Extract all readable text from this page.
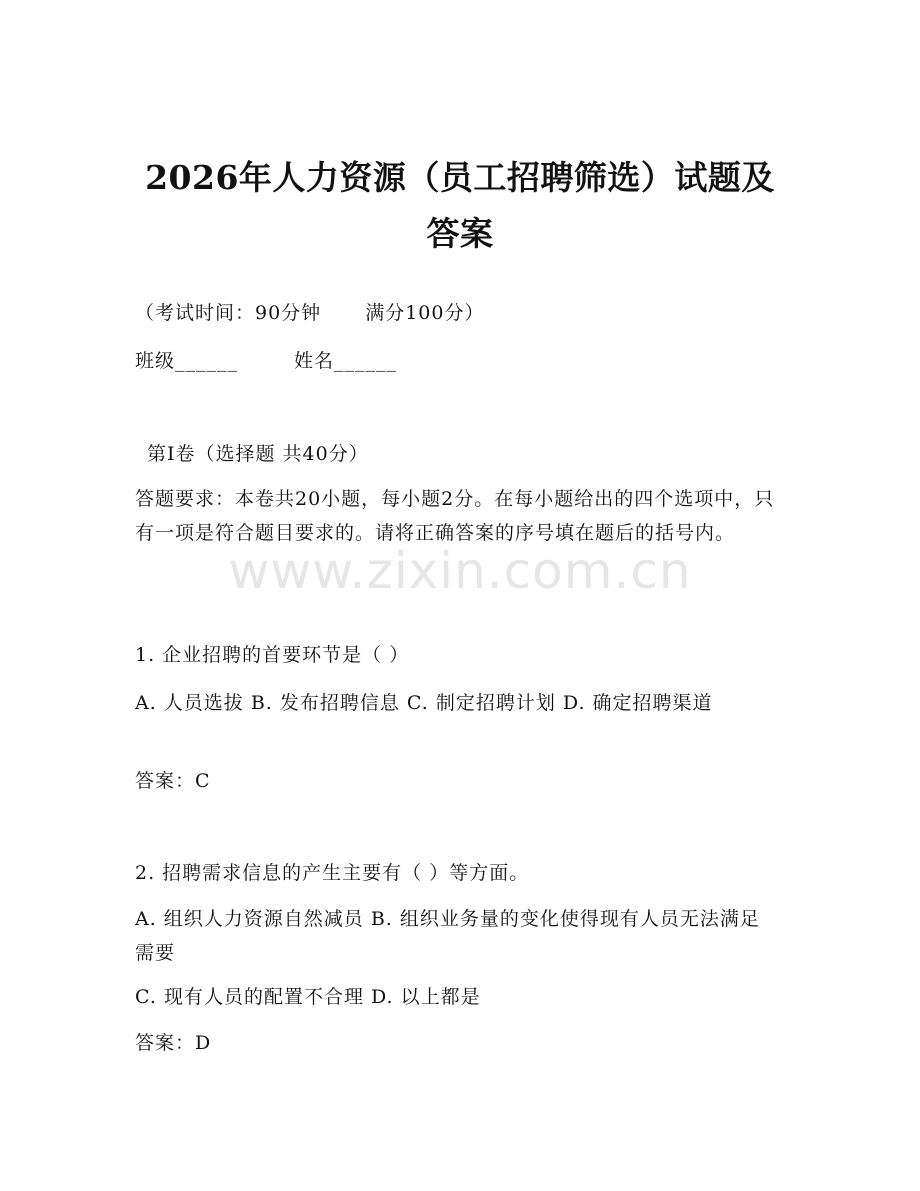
2026年人力资源（员工招聘筛选）试题及答案
（考试时间：90分钟 满分100分）
班级______	姓名______
第I卷（选择题 共40分）
答题要求：本卷共20小题，每小题2分。在每小题给出的四个选项中，只有一项是符合题目要求的。请将正确答案的序号填在题后的括号内。
www.zixin.com.cn
1. 企业招聘的首要环节是（ ）
A. 人员选拔 B. 发布招聘信息 C. 制定招聘计划 D. 确定招聘渠道
答案：C
2. 招聘需求信息的产生主要有（ ）等方面。
A. 组织人力资源自然减员 B. 组织业务量的变化使得现有人员无法满足需要
C. 现有人员的配置不合理 D. 以上都是
答案：D
